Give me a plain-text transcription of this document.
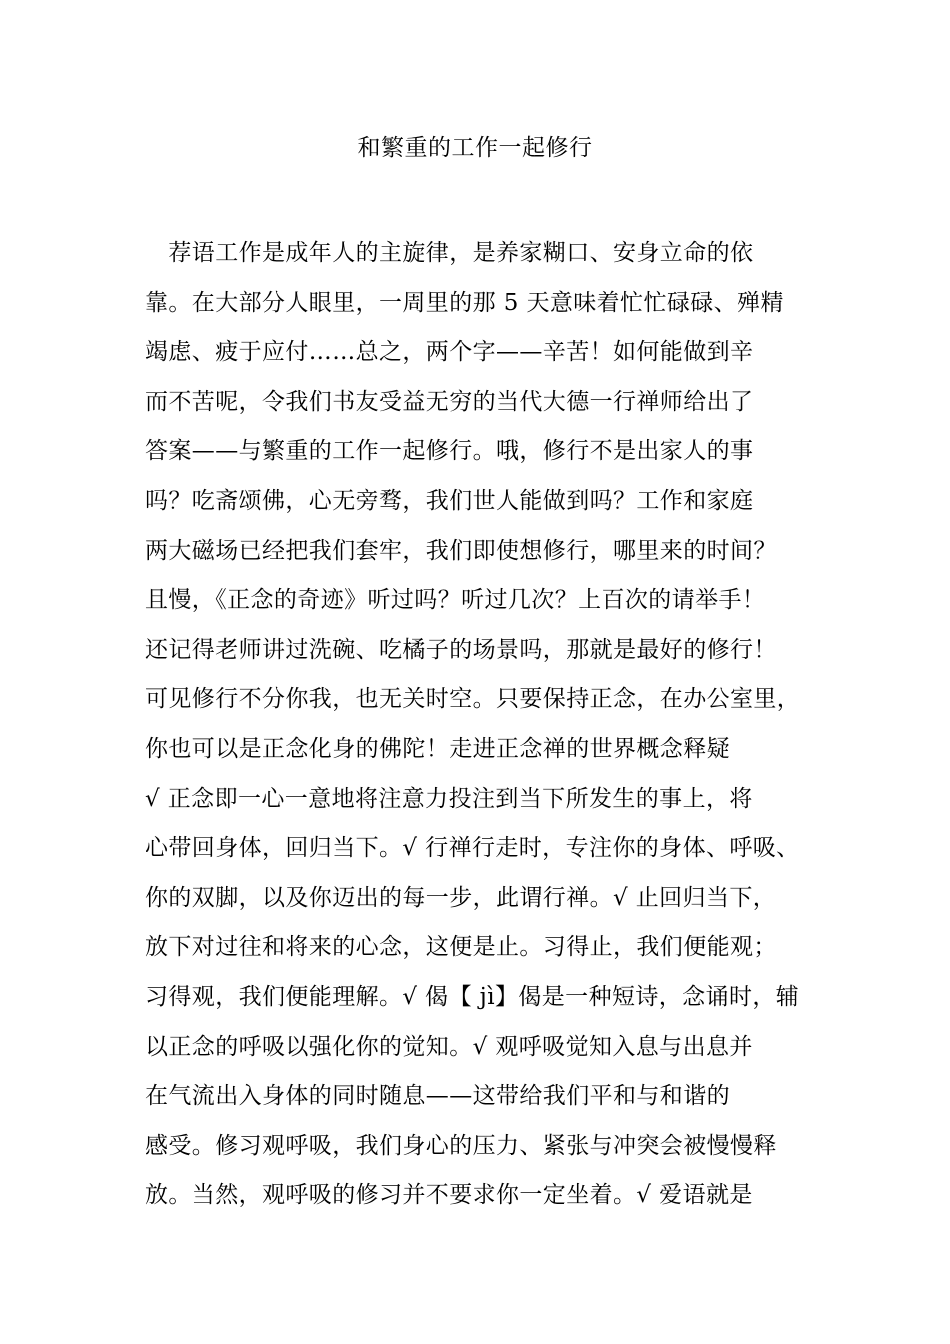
和繁重的工作一起修行
　荐语工作是成年人的主旋律，是养家糊口、安身立命的依
靠。在大部分人眼里，一周里的那 5 天意味着忙忙碌碌、殚精
竭虑、疲于应付……总之，两个字——辛苦！如何能做到辛
而不苦呢，令我们书友受益无穷的当代大德一行禅师给出了
答案——与繁重的工作一起修行。哦，修行不是出家人的事
吗？吃斋颂佛，心无旁骛，我们世人能做到吗？工作和家庭
两大磁场已经把我们套牢，我们即使想修行，哪里来的时间？
且慢，《正念的奇迹》听过吗？听过几次？上百次的请举手！
还记得老师讲过洗碗、吃橘子的场景吗，那就是最好的修行！
可见修行不分你我，也无关时空。只要保持正念，在办公室里，
你也可以是正念化身的佛陀！走进正念禅的世界概念释疑
√ 正念即一心一意地将注意力投注到当下所发生的事上，将
心带回身体，回归当下。√ 行禅行走时，专注你的身体、呼吸、
你的双脚，以及你迈出的每一步，此谓行禅。√ 止回归当下，
放下对过往和将来的心念，这便是止。习得止，我们便能观；
习得观，我们便能理解。√ 偈【 jì】偈是一种短诗，念诵时，辅
以正念的呼吸以强化你的觉知。√ 观呼吸觉知入息与出息并
在气流出入身体的同时随息——这带给我们平和与和谐的
感受。修习观呼吸，我们身心的压力、紧张与冲突会被慢慢释
放。当然，观呼吸的修习并不要求你一定坐着。√ 爱语就是
